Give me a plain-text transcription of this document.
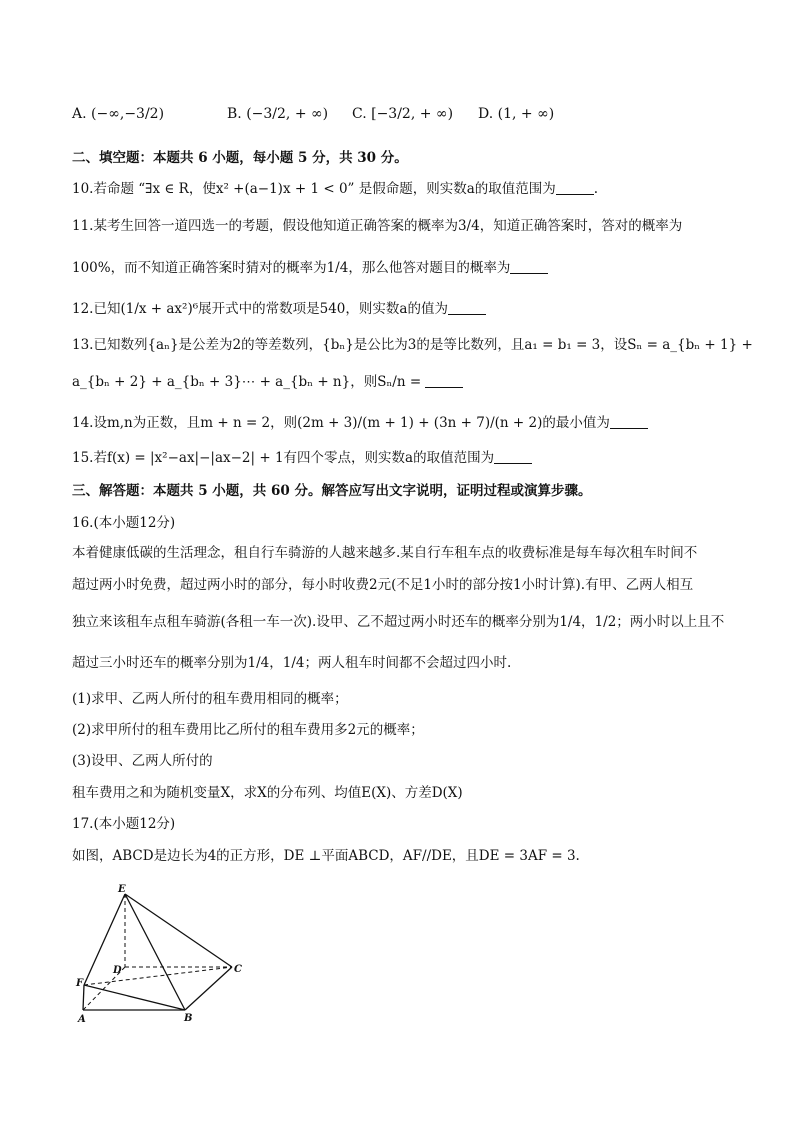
A. (−∞,−3/2)	B. (−3/2, + ∞) C. [−3/2, + ∞) D. (1, + ∞)
二、填空题：本题共 6 小题，每小题 5 分，共 30 分。
10.若命题 “∃x ∈ R，使x² +(a−1)x + 1 < 0” 是假命题，则实数a的取值范围为	.
11.某考生回答一道四选一的考题，假设他知道正确答案的概率为3/4，知道正确答案时，答对的概率为
100%，而不知道正确答案时猜对的概率为1/4，那么他答对题目的概率为
12.已知(1/x + ax²)⁶展开式中的常数项是540，则实数a的值为
13.已知数列{aₙ}是公差为2的等差数列，{bₙ}是公比为3的是等比数列，且a₁ = b₁ = 3，设Sₙ = a_{bₙ + 1} +
a_{bₙ + 2} + a_{bₙ + 3}⋯ + a_{bₙ + n}，则Sₙ/n =
14.设m,n为正数，且m + n = 2，则(2m + 3)/(m + 1) + (3n + 7)/(n + 2)的最小值为
15.若f(x) = |x²−ax|−|ax−2| + 1有四个零点，则实数a的取值范围为
三、解答题：本题共 5 小题，共 60 分。解答应写出文字说明，证明过程或演算步骤。
16.(本小题12分)
本着健康低碳的生活理念，租自行车骑游的人越来越多.某自行车租车点的收费标准是每车每次租车时间不
超过两小时免费，超过两小时的部分，每小时收费2元(不足1小时的部分按1小时计算).有甲、乙两人相互
独立来该租车点租车骑游(各租一车一次).设甲、乙不超过两小时还车的概率分别为1/4，1/2；两小时以上且不
超过三小时还车的概率分别为1/4，1/4；两人租车时间都不会超过四小时.
(1)求甲、乙两人所付的租车费用相同的概率；
(2)求甲所付的租车费用比乙所付的租车费用多2元的概率；
(3)设甲、乙两人所付的
租车费用之和为随机变量X，求X的分布列、均值E(X)、方差D(X)
17.(本小题12分)
如图，ABCD是边长为4的正方形，DE ⊥平面ABCD，AF//DE，且DE = 3AF = 3.
E
D	C
F
A	B
